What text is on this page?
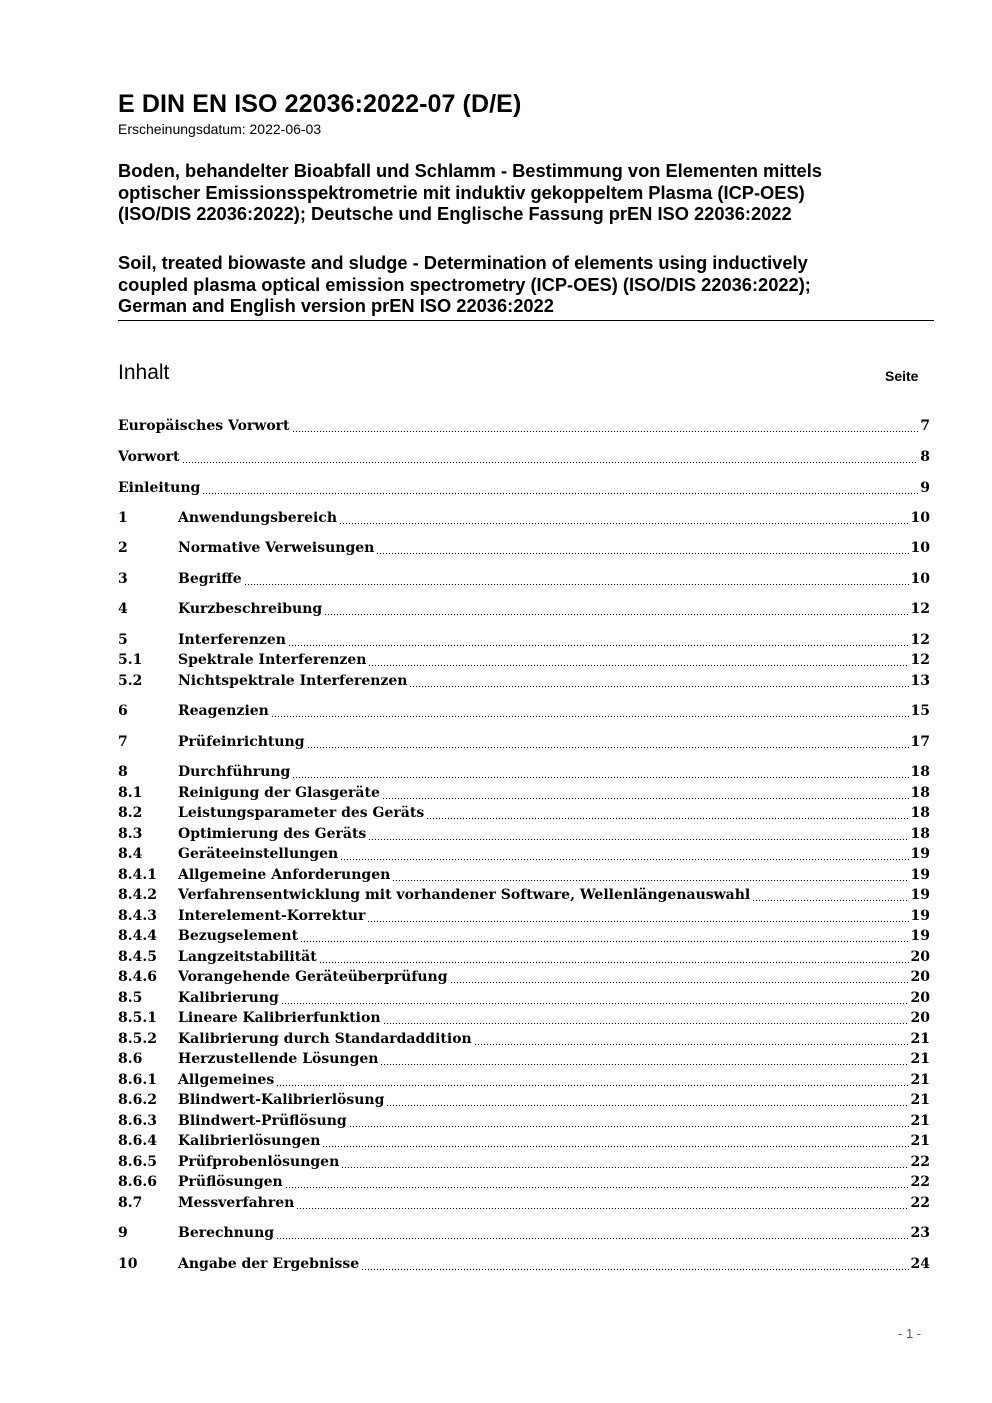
E DIN EN ISO 22036:2022-07 (D/E)
Erscheinungsdatum: 2022-06-03
Boden, behandelter Bioabfall und Schlamm - Bestimmung von Elementen mittels
optischer Emissionsspektrometrie mit induktiv gekoppeltem Plasma (ICP-OES)
(ISO/DIS 22036:2022); Deutsche und Englische Fassung prEN ISO 22036:2022
Soil, treated biowaste and sludge - Determination of elements using inductively
coupled plasma optical emission spectrometry (ICP-OES) (ISO/DIS 22036:2022);
German and English version prEN ISO 22036:2022
Inhalt	Seite
Europäisches Vorwort	7
Vorwort	8
Einleitung	9
1	Anwendungsbereich	10
2	Normative Verweisungen	10
3	Begriffe	10
4	Kurzbeschreibung	12
5	Interferenzen	12
5.1	Spektrale Interferenzen	12
5.2	Nichtspektrale Interferenzen	13
6	Reagenzien	15
7	Prüfeinrichtung	17
8	Durchführung	18
8.1	Reinigung der Glasgeräte	18
8.2	Leistungsparameter des Geräts	18
8.3	Optimierung des Geräts	18
8.4	Geräteeinstellungen	19
8.4.1	Allgemeine Anforderungen	19
8.4.2	Verfahrensentwicklung mit vorhandener Software, Wellenlängenauswahl	19
8.4.3	Interelement-Korrektur	19
8.4.4	Bezugselement	19
8.4.5	Langzeitstabilität	20
8.4.6	Vorangehende Geräteüberprüfung	20
8.5	Kalibrierung	20
8.5.1	Lineare Kalibrierfunktion	20
8.5.2	Kalibrierung durch Standardaddition	21
8.6	Herzustellende Lösungen	21
8.6.1	Allgemeines	21
8.6.2	Blindwert-Kalibrierlösung	21
8.6.3	Blindwert-Prüflösung	21
8.6.4	Kalibrierlösungen	21
8.6.5	Prüfprobenlösungen	22
8.6.6	Prüflösungen	22
8.7	Messverfahren	22
9	Berechnung	23
10	Angabe der Ergebnisse	24
- 1 -
